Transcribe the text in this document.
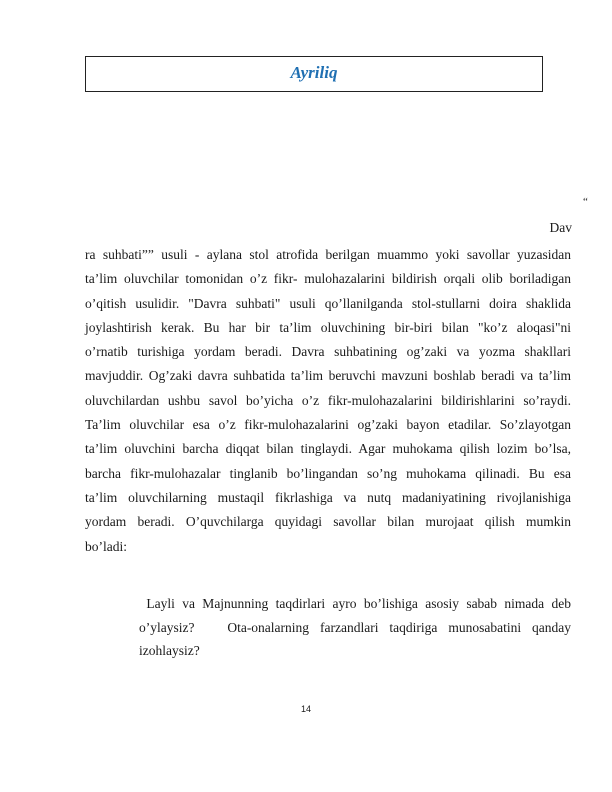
Ayriliq
“
Dav
ra suhbati”” usuli - aylana stol atrofida berilgan muammo yoki savollar yuzasidan
ta’lim oluvchilar tomonidan o’z fikr- mulohazalarini bildirish orqali olib boriladigan
o’qitish usulidir. "Davra suhbati" usuli qo’llanilganda stol-stullarni doira shaklida
joylashtirish kerak. Bu har bir ta’lim oluvchining bir-biri bilan "ko’z aloqasi"ni
o’rnatib turishiga yordam beradi. Davra suhbatining og’zaki va yozma shakllari
mavjuddir. Og’zaki davra suhbatida ta’lim beruvchi mavzuni boshlab beradi va ta’lim
oluvchilardan ushbu savol bo’yicha o’z fikr-mulohazalarini bildirishlarini so’raydi.
Ta’lim oluvchilar esa o’z fikr-mulohazalarini og’zaki bayon etadilar. So’zlayotgan
ta’lim oluvchini barcha diqqat bilan tinglaydi. Agar muhokama qilish lozim bo’lsa,
barcha fikr-mulohazalar tinglanib bo’lingandan so’ng muhokama qilinadi. Bu esa
ta’lim oluvchilarning mustaqil fikrlashiga va nutq madaniyatining rivojlanishiga
yordam beradi. O’quvchilarga quyidagi savollar bilan murojaat qilish mumkin
bo’ladi:
Layli va Majnunning taqdirlari ayro bo’lishiga asosiy sabab nimada deb
o’ylaysiz?   Ota-onalarning farzandlari taqdiriga munosabatini qanday
izohlaysiz?
14
